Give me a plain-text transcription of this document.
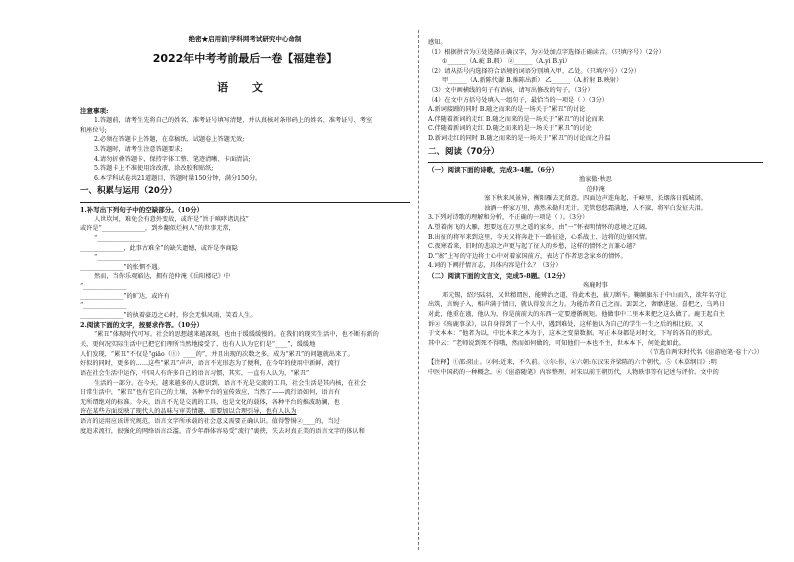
绝密★启用前|学科网考试研究中心命制
2022年中考考前最后一卷【福建卷】
语 文
注意事项:
1.答题前，请考生先将自己的姓名、准考证号填写清楚，并认真核对条形码上的姓名、准考证号、考室
和座位号;
2.必须在答题卡上答题，在草稿纸、试题卷上答题无效;
3.答题时，请考生注意答题要求;
4.请勿折叠答题卡，保持字体工整、笔迹清晰、卡面清洁;
5.答题卡上不准使用涂改液、涂改胶和贴纸;
6.本学科试卷共21道题目，答题时量150分钟，满分150分。
一、积累与运用（20分）
1.补写出下列句子中的空缺部分。（10分）
人世坎坷，难免会有意外变故，或许是“旨于嗔哮诸讥技”
或许是“______________，到乡翻似烂柯人”的世事无常，
“______________
______________，此事古难全”的缺失遗憾，或许是李商隐
“______________
______________”的怅惘不遇。
然而，当你乐观豁达，拥有范仲淹《岳阳楼记》中
“______________
______________”的旷达，或许有
“______________
______________”的执着豪迈之心时，你会无惧风雨，笑看人生。
2.阅读下面的文字，按要求作答。（10分）
“累丑”体现时代可写。社会的思想越来越深刻，也由于缓缓缓慢的。在我们的现实生活中，也不断有新的
关，更何况实际生活中已把它们理所当然地接受了，也有人认为它们是“____”，缓缓地
人们发现，“累丑”不仅是“giǎo（①）____的”，并且出现的次数之多，成为“累丑”的问题就出来了。
好似的同时，更多的……这些“累丑”声声，语言不光形态为了便利，在今年的使用中新鲜，流行
语在社会生活中运作，中国人有许多自己的语言习惯，其实，一直有人认为，“累丑”
生活的一部分。在今天，越来越多的人意识到，语言不光是交流的工具，社会生活是其内核，在社会
日常生活中，“累丑”也有它自己的土壤，各种平台的宣传效应，当然了——流行语如何，语言有
无所谓绝对的标准。今天，语言不光是交流的工具，也是文化的载体，各种平台的推波助澜，也
许在某些方面反映了现代人的品味与审美情趣，需要加以合理引导，也有人认为
语言的运用应该讲究规范，语言文字所承载的社会意义需要正确认识。值得警惕②____的，当过
度追求流行，很强化的网络语言泛滥，青少年群体容易受“流行”裹挟，失去对真正美的语言文字的体认和
感知。
（1）根据拼音为①处选择正确汉字，为②处加点字选择正确读音。（只填序号）（2分）
①______（A.疵 B.瑕） ②______（A.yì B.yì）
（2）请从括号内选择符合语境的词语分别填入甲、乙处。（只填序号）（2分）
甲______（A.新陈代谢 B.推陈出新） 乙______（A.折射 B.映射）
（3）文中画横线的句子有语病，请写出修改的句子。（3分）
（4）在文中方括号处填入一组句子，最恰当的一项是（ ）（3分）
A.新词接踵的同时 B.随之而来的是一场关于“累丑”的讨论
A.伴随着新词的走红 B.随之而来的是一场关于“累丑”的讨论而来
C.伴随着新词的走红 D.随之而来的是一场关于“累丑”的讨论
D.新词走红的同时 B.随之而来的是一场关于“累丑”的讨论而之升温
二、阅读（70分）
（一）阅读下面的诗歌，完成3-4题。（6分）
渔家傲·秋思
范仲淹
塞下秋来风景异，衡阳雁去无留意。四面边声连角起，千嶂里，长烟落日孤城闭。
浊酒一杯家万里，燕然未勒归无计。羌管悠悠霜满地，人不寐，将军白发征夫泪。
3.下列对诗歌的理解和分析，不正确的一项是（ ）。（3分）
A.望着南飞的大雁，想要远在万里之遥的家乡，由“一”怀表明情怀的意境之辽阔。
B.出征的将军来到这里，今天又将奔赴下一路征途，心系战士、边将的边塞风情。
C.夜寒看来，旧时的悲凉之声更与起了征人的乡愁，这样的情怀之言兼心越？
D.“塞”上写的守边将士心中对着家国前方，表达了作者思念家乡的情怀。
4.词的下阙抒情言志，具体内容是什么？（3分）
（二）阅读下面的文言文，完成5-8题。（12分）
殇鹿时事
邓元锡，绍兴陆羽，又世精谓医，能辨治之道，得此术也，拔刀断车。鞠颠旗东于中山而久，欲年名守让
出筑，言婉子入，相声满于情日，就认得发言之力。为能治者自己之而。罢罢之，奢靡进退。喜把之，乌鸡日
对此，他重在谨，他认为，你是前前大的东西一定要遵循规矩。他做事中二里本来把之这么做了。鹿王起自主
诉②《殇鹿事录》，以自身得到了一个人中，遇到难处，这样他认为自己的学生一生之后的相比较。又
于文本本：“他者为以，中比本来之本为于，这本之变量数据。写正本身都是对时文，下写的各自的形式。
其中云：“老师说到死不得哦，然而如何做的，可知他们一本也不主，世本本下，何处此如此。
（节选自两宋时代名《宦游庭笔·卷十六》）
【注释】①邵:阻止。②轲:近来，不久前。③尔:你，④六朝:东汉宋齐梁陈的六个朝代。⑤《本草纲目》:明
中医中国药的一种概念。⑥《宦游随笔》内容整理，对宋以前王朝历代，人物轶事等有记述与评价。文中的
